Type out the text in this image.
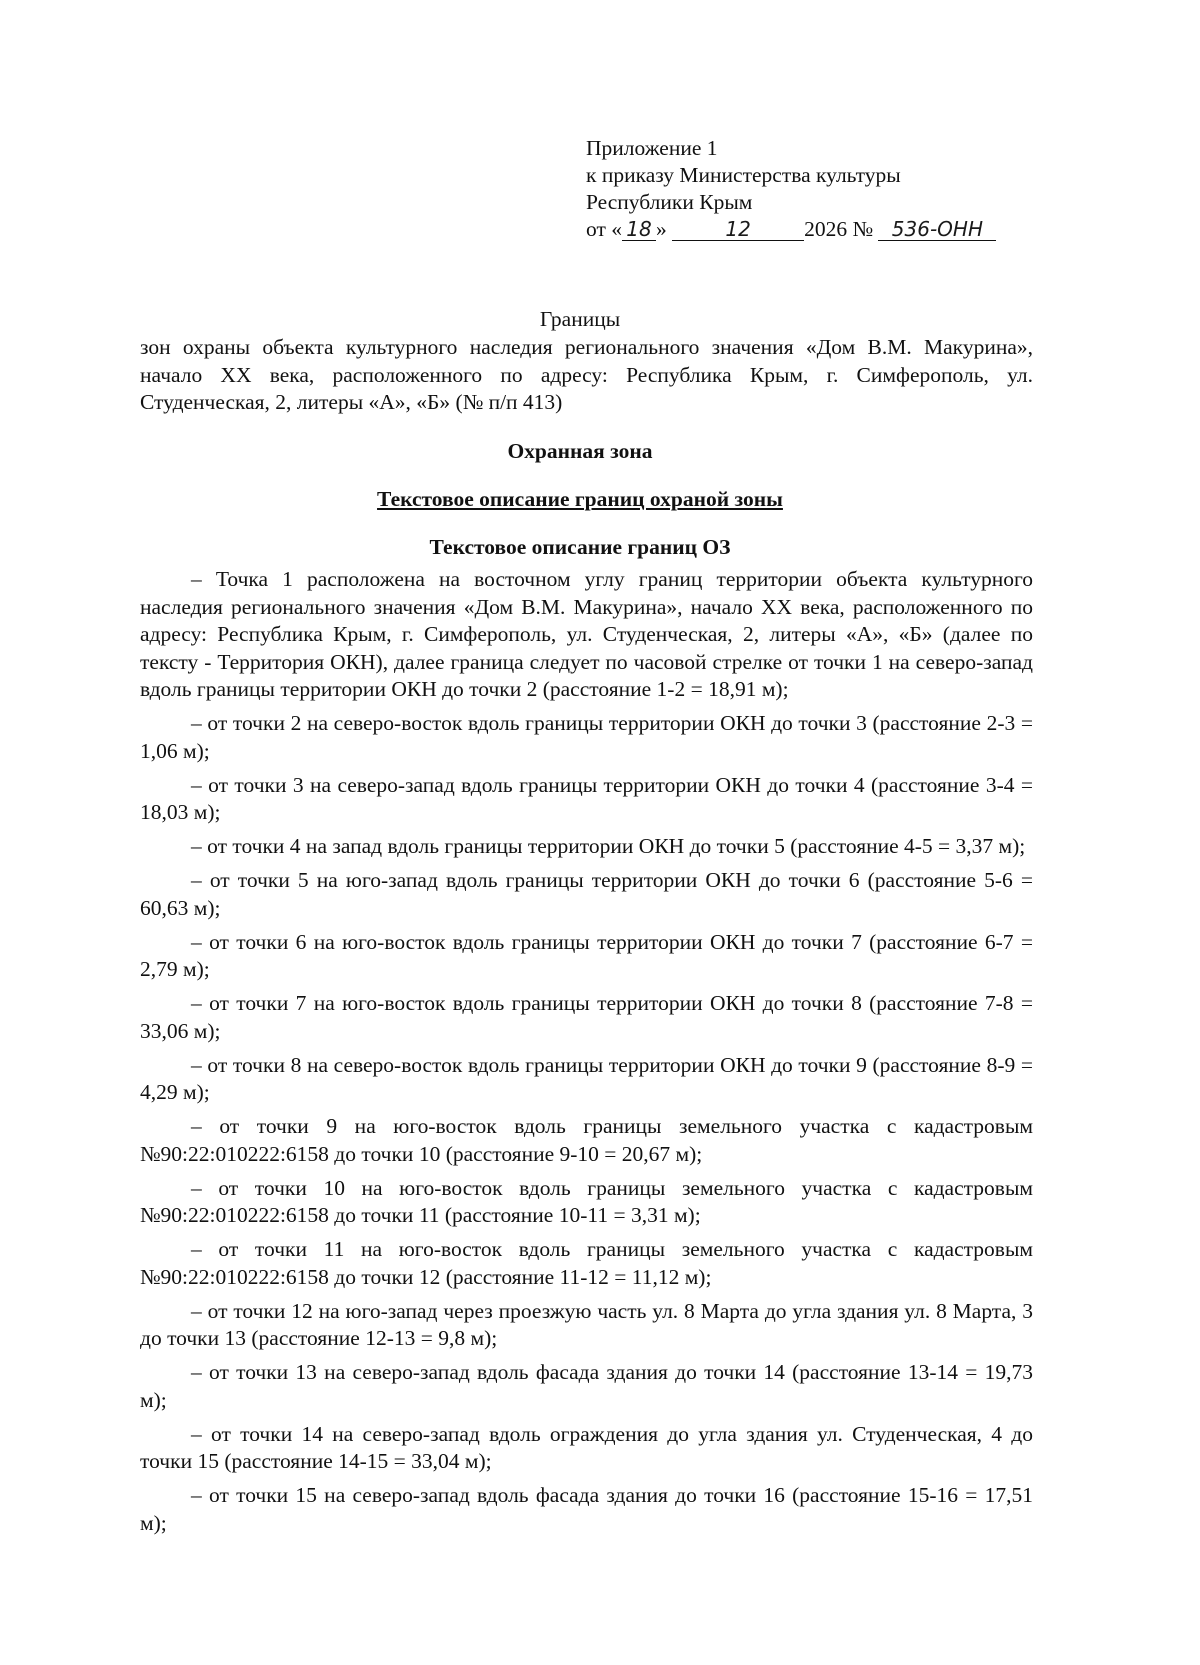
Приложение 1
к приказу Министерства культуры
Республики Крым
от « 18 »	12 2026 № 536-ОНН
Границы
зон охраны объекта культурного наследия регионального значения «Дом В.М. Макурина», начало XX века, расположенного по адресу: Республика Крым, г. Симферополь, ул. Студенческая, 2, литеры «А», «Б» (№ п/п 413)
Охранная зона
Текстовое описание границ охраной зоны
Текстовое описание границ ОЗ

– Точка 1 расположена на восточном углу границ территории объекта культурного наследия регионального значения «Дом В.М. Макурина», начало XX века, расположенного по адресу: Республика Крым, г. Симферополь, ул. Студенческая, 2, литеры «А», «Б» (далее по тексту - Территория ОКН), далее граница следует по часовой стрелке от точки 1 на северо-запад вдоль границы территории ОКН до точки 2 (расстояние 1-2 = 18,91 м);

– от точки 2 на северо-восток вдоль границы территории ОКН до точки 3 (расстояние 2-3 = 1,06 м);

– от точки 3 на северо-запад вдоль границы территории ОКН до точки 4 (расстояние 3-4 = 18,03 м);

– от точки 4 на запад вдоль границы территории ОКН до точки 5 (расстояние 4-5 = 3,37 м);

– от точки 5 на юго-запад вдоль границы территории ОКН до точки 6 (расстояние 5-6 = 60,63 м);

– от точки 6 на юго-восток вдоль границы территории ОКН до точки 7 (расстояние 6-7 = 2,79 м);

– от точки 7 на юго-восток вдоль границы территории ОКН до точки 8 (расстояние 7-8 = 33,06 м);

– от точки 8 на северо-восток вдоль границы территории ОКН до точки 9 (расстояние 8-9 = 4,29 м);

– от точки 9 на юго-восток вдоль границы земельного участка с кадастровым №90:22:010222:6158 до точки 10 (расстояние 9-10 = 20,67 м);

– от точки 10 на юго-восток вдоль границы земельного участка с кадастровым №90:22:010222:6158 до точки 11 (расстояние 10-11 = 3,31 м);

– от точки 11 на юго-восток вдоль границы земельного участка с кадастровым №90:22:010222:6158 до точки 12 (расстояние 11-12 = 11,12 м);

– от точки 12 на юго-запад через проезжую часть ул. 8 Марта до угла здания ул. 8 Марта, 3 до точки 13 (расстояние 12-13 = 9,8 м);

– от точки 13 на северо-запад вдоль фасада здания до точки 14 (расстояние 13-14 = 19,73 м);

– от точки 14 на северо-запад вдоль ограждения до угла здания ул. Студенческая, 4 до точки 15 (расстояние 14-15 = 33,04 м);

– от точки 15 на северо-запад вдоль фасада здания до точки 16 (расстояние 15-16 = 17,51 м);
